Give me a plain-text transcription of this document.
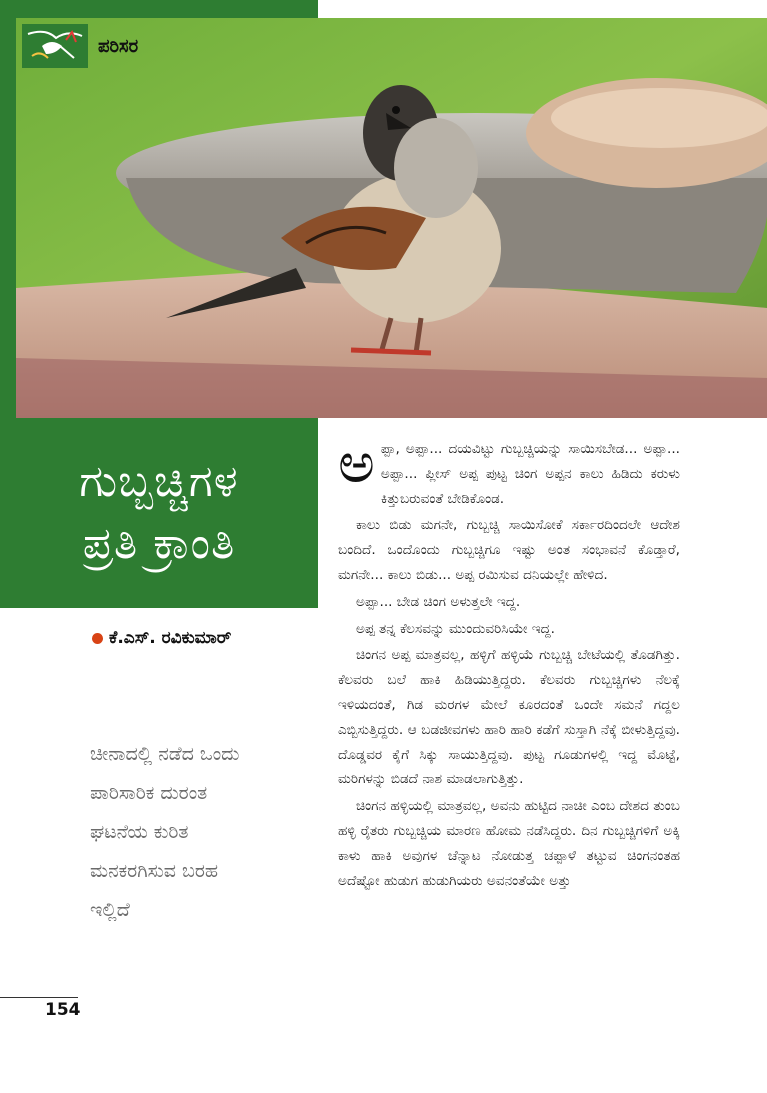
ಪರಿಸರ
ಗುಬ್ಬಚ್ಚಿಗಳ
ಪ್ರತಿ ಕ್ರಾಂತಿ
ಕೆ.ಎಸ್. ರವಿಕುಮಾರ್
ಚೀನಾದಲ್ಲಿ ನಡೆದ ಒಂದು
ಪಾರಿಸಾರಿಕ ದುರಂತ
ಘಟನೆಯ ಕುರಿತ
ಮನಕರಗಿಸುವ ಬರಹ
ಇಲ್ಲಿದೆ

ಅಪ್ಪಾ, ಅಪ್ಪಾ... ದಯವಿಟ್ಟು ಗುಬ್ಬಚ್ಚಿಯನ್ನು ಸಾಯಿಸಬೇಡ... ಅಪ್ಪಾ... ಅಪ್ಪಾ... ಪ್ಲೀಸ್ ಅಪ್ಪ ಪುಟ್ಟ ಚಿಂಗ ಅಪ್ಪನ ಕಾಲು ಹಿಡಿದು ಕರುಳು ಕಿತ್ತುಬರುವಂತೆ ಬೇಡಿಕೊಂಡ.

ಕಾಲು ಬಿಡು ಮಗನೇ, ಗುಬ್ಬಚ್ಚಿ ಸಾಯಿಸೋಕೆ ಸರ್ಕಾರದಿಂದಲೇ ಆದೇಶ ಬಂದಿದೆ. ಒಂದೊಂದು ಗುಬ್ಬಚ್ಚಿಗೂ ಇಷ್ಟು ಅಂತ ಸಂಭಾವನೆ ಕೊಡ್ತಾರೆ, ಮಗನೇ... ಕಾಲು ಬಿಡು... ಅಪ್ಪ ರಮಿಸುವ ದನಿಯಲ್ಲೇ ಹೇಳಿದ.

ಅಪ್ಪಾ... ಬೇಡ ಚಿಂಗ ಅಳುತ್ತಲೇ ಇದ್ದ.

ಅಪ್ಪ ತನ್ನ ಕೆಲಸವನ್ನು ಮುಂದುವರಿಸಿಯೇ ಇದ್ದ.

ಚಿಂಗನ ಅಪ್ಪ ಮಾತ್ರವಲ್ಲ, ಹಳ್ಳಿಗೆ ಹಳ್ಳಿಯೆ ಗುಬ್ಬಚ್ಚಿ ಬೇಟೆಯಲ್ಲಿ ತೊಡಗಿತ್ತು. ಕೆಲವರು ಬಲೆ ಹಾಕಿ ಹಿಡಿಯುತ್ತಿದ್ದರು. ಕೆಲವರು ಗುಬ್ಬಚ್ಚಿಗಳು ನೆಲಕ್ಕೆ ಇಳಿಯದಂತೆ, ಗಿಡ ಮರಗಳ ಮೇಲೆ ಕೂರದಂತೆ ಒಂದೇ ಸಮನೆ ಗದ್ದಲ ಎಬ್ಬಿಸುತ್ತಿದ್ದರು. ಆ ಬಡಜೀವಗಳು ಹಾರಿ ಹಾರಿ ಕಡೆಗೆ ಸುಸ್ತಾಗಿ ನೆಕ್ಕೆ ಬೀಳುತ್ತಿದ್ದವು. ದೊಡ್ಡವರ ಕೈಗೆ ಸಿಕ್ಕು ಸಾಯುತ್ತಿದ್ದವು. ಪುಟ್ಟ ಗೂಡುಗಳಲ್ಲಿ ಇದ್ದ ಮೊಟ್ಟೆ, ಮರಿಗಳನ್ನು ಬಿಡದೆ ನಾಶ ಮಾಡಲಾಗುತ್ತಿತ್ತು.

ಚಿಂಗನ ಹಳ್ಳಿಯಲ್ಲಿ ಮಾತ್ರವಲ್ಲ, ಅವನು ಹುಟ್ಟಿದ ನಾಚೀ ಎಂಬ ದೇಶದ ತುಂಬ ಹಳ್ಳಿ ರೈತರು ಗುಬ್ಬಚ್ಚಿಯ ಮಾರಣ ಹೋಮ ನಡೆಸಿದ್ದರು. ದಿನ ಗುಬ್ಬಚ್ಚಿಗಳಿಗೆ ಅಕ್ಕಿ ಕಾಳು ಹಾಕಿ ಅವುಗಳ ಚೆನ್ನಾಟ ನೋಡುತ್ತ ಚಪ್ಪಾಳೆ ತಟ್ಟುವ ಚಿಂಗನಂತಹ ಅದೆಷ್ಟೋ ಹುಡುಗ ಹುಡುಗಿಯರು ಅವನಂತೆಯೇ ಅತ್ತು

154
